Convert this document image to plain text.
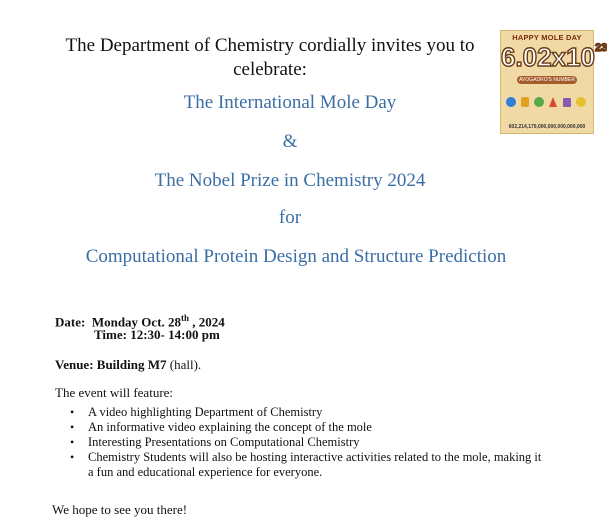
The Department of Chemistry cordially invites you to celebrate:
The International Mole Day
&
The Nobel Prize in Chemistry 2024
for
Computational Protein Design and Structure Prediction
Date: Monday Oct. 28th , 2024
Time: 12:30- 14:00 pm
Venue: Building M7 (hall).
The event will feature:
• A video highlighting Department of Chemistry
• An informative video explaining the concept of the mole
• Interesting Presentations on Computational Chemistry
• Chemistry Students will also be hosting interactive activities related to the mole, making it a fun and educational experience for everyone.
We hope to see you there!
HAPPY MOLE DAY
$6.02x10^{23}$
AVOGADRO'S NUMBER
602,214,179,000,000,000,000,000
